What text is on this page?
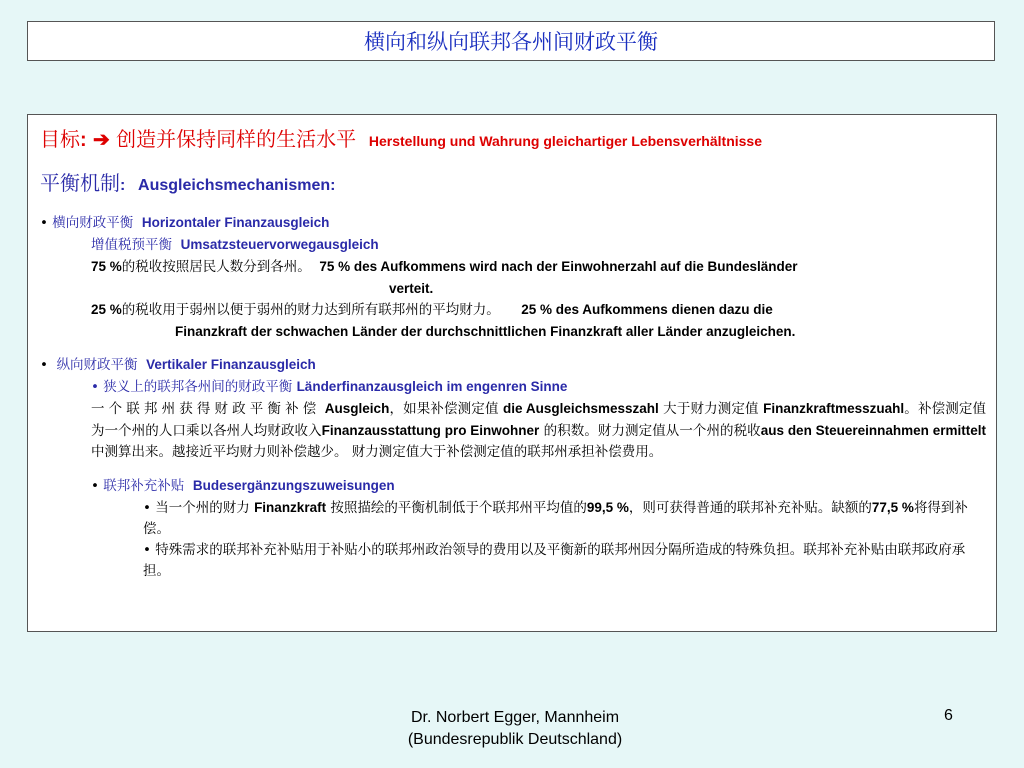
横向和纵向联邦各州间财政平衡
目标: ➔ 创造并保持同样的生活水平 Herstellung und Wahrung gleichartiger Lebensverhältnisse
平衡机制: Ausgleichsmechanismen:
• 横向财政平衡 Horizontaler Finanzausgleich
增值税预平衡 Umsatzsteuervorwegausgleich
75 %的税收按照居民人数分到各州。 75 % des Aufkommens wird nach der Einwohnerzahl auf die Bundesländer
verteit.
25 %的税收用于弱州以便于弱州的财力达到所有联邦州的平均财力。 25 % des Aufkommens dienen dazu die
Finanzkraft der schwachen Länder der durchschnittlichen Finanzkraft aller Länder anzugleichen.
• 纵向财政平衡 Vertikaler Finanzausgleich
• 狭义上的联邦各州间的财政平衡 Länderfinanzausgleich im engenren Sinne
一个联邦州获得财政平衡补偿 Ausgleich，如果补偿测定值 die Ausgleichsmesszahl 大于财力测定值 Finanzkraftmesszuahl。补偿测定值为一个州的人口乘以各州人均财政收入Finanzausstattung pro Einwohner 的积数。财力测定值从一个州的税收aus den Steuereinnahmen ermittelt 中测算出来。越接近平均财力则补偿越少。 财力测定值大于补偿测定值的联邦州承担补偿费用。
• 联邦补充补贴 Budesergänzungszuweisungen
• 当一个州的财力 Finanzkraft 按照描绘的平衡机制低于个联邦州平均值的99,5 %，则可获得普通的联邦补充补贴。缺额的77,5 %将得到补偿。
• 特殊需求的联邦补充补贴用于补贴小的联邦州政治领导的费用以及平衡新的联邦州因分隔所造成的特殊负担。联邦补充补贴由联邦政府承担。
Dr. Norbert Egger, Mannheim
(Bundesrepublik Deutschland)
6
